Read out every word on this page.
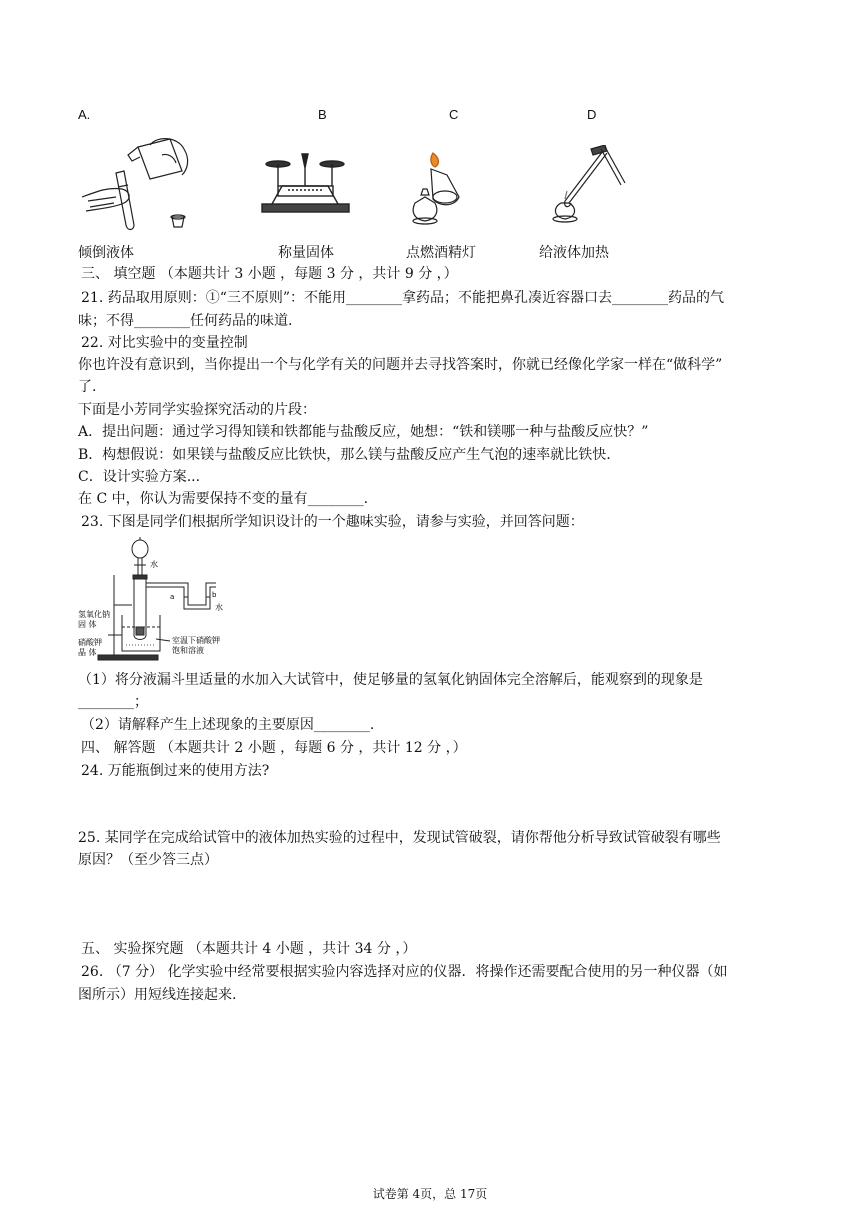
A.	B	C	D
倾倒液体	称量固体	点燃酒精灯	给液体加热
三、 填空题 （本题共计 3 小题 ，每题 3 分 ，共计 9 分 ，）
21. 药品取用原则：①“三不原则”：不能用________拿药品；不能把鼻孔凑近容器口去________药品的气
味；不得________任何药品的味道.
22. 对比实验中的变量控制
你也许没有意识到，当你提出一个与化学有关的问题并去寻找答案时，你就已经像化学家一样在“做科学”
了.
下面是小芳同学实验探究活动的片段：
A．提出问题：通过学习得知镁和铁都能与盐酸反应，她想：“铁和镁哪一种与盐酸反应快？”
B．构想假说：如果镁与盐酸反应比铁快，那么镁与盐酸反应产生气泡的速率就比铁快.
C．设计实验方案...
在 C 中，你认为需要保持不变的量有________.
23. 下图是同学们根据所学知识设计的一个趣味实验，请参与实验，并回答问题：
水
水
a	b
氢氧化钠
固 体
硝酸钾
晶 体
室温下硝酸钾
饱和溶液
（1）将分液漏斗里适量的水加入大试管中，使足够量的氢氧化钠固体完全溶解后，能观察到的现象是
________；
（2）请解释产生上述现象的主要原因________.
四、 解答题 （本题共计 2 小题 ，每题 6 分 ，共计 12 分 ，）
24. 万能瓶倒过来的使用方法?
25. 某同学在完成给试管中的液体加热实验的过程中，发现试管破裂，请你帮他分析导致试管破裂有哪些
原因？（至少答三点）
五、 实验探究题 （本题共计 4 小题 ，共计 34 分 ，）
26. （7 分） 化学实验中经常要根据实验内容选择对应的仪器．将操作还需要配合使用的另一种仪器（如
图所示）用短线连接起来.
试卷第 4页，总 17页
